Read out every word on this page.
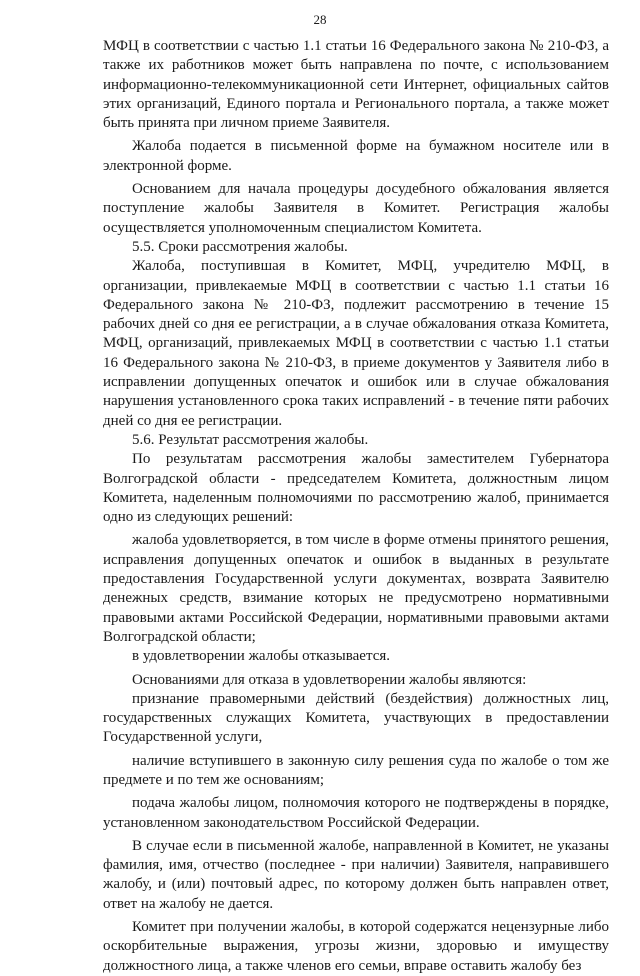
28

МФЦ в соответствии с частью 1.1 статьи 16 Федерального закона № 210-ФЗ, а также их работников может быть направлена по почте, с использованием информационно-телекоммуникационной сети Интернет, официальных сайтов этих организаций, Единого портала и Регионального портала, а также может быть принята при личном приеме Заявителя.

Жалоба подается в письменной форме на бумажном носителе или в электронной форме.

Основанием для начала процедуры досудебного обжалования является поступление жалобы Заявителя в Комитет. Регистрация жалобы осуществляется уполномоченным специалистом Комитета.

5.5. Сроки рассмотрения жалобы.

Жалоба, поступившая в Комитет, МФЦ, учредителю МФЦ, в организации, привлекаемые МФЦ в соответствии с частью 1.1 статьи 16 Федерального закона № 210-ФЗ, подлежит рассмотрению в течение 15 рабочих дней со дня ее регистрации, а в случае обжалования отказа Комитета, МФЦ, организаций, привлекаемых МФЦ в соответствии с частью 1.1 статьи 16 Федерального закона № 210-ФЗ, в приеме документов у Заявителя либо в исправлении допущенных опечаток и ошибок или в случае обжалования нарушения установленного срока таких исправлений - в течение пяти рабочих дней со дня ее регистрации.

5.6. Результат рассмотрения жалобы.

По результатам рассмотрения жалобы заместителем Губернатора Волгоградской области - председателем Комитета, должностным лицом Комитета, наделенным полномочиями по рассмотрению жалоб, принимается одно из следующих решений:

жалоба удовлетворяется, в том числе в форме отмены принятого решения, исправления допущенных опечаток и ошибок в выданных в результате предоставления Государственной услуги документах, возврата Заявителю денежных средств, взимание которых не предусмотрено нормативными правовыми актами Российской Федерации, нормативными правовыми актами Волгоградской области;

в удовлетворении жалобы отказывается.

Основаниями для отказа в удовлетворении жалобы являются:

признание правомерными действий (бездействия) должностных лиц, государственных служащих Комитета, участвующих в предоставлении Государственной услуги,

наличие вступившего в законную силу решения суда по жалобе о том же предмете и по тем же основаниям;

подача жалобы лицом, полномочия которого не подтверждены в порядке, установленном законодательством Российской Федерации.

В случае если в письменной жалобе, направленной в Комитет, не указаны фамилия, имя, отчество (последнее - при наличии) Заявителя, направившего жалобу, и (или) почтовый адрес, по которому должен быть направлен ответ, ответ на жалобу не дается.

Комитет при получении жалобы, в которой содержатся нецензурные либо оскорбительные выражения, угрозы жизни, здоровью и имуществу должностного лица, а также членов его семьи, вправе оставить жалобу без
